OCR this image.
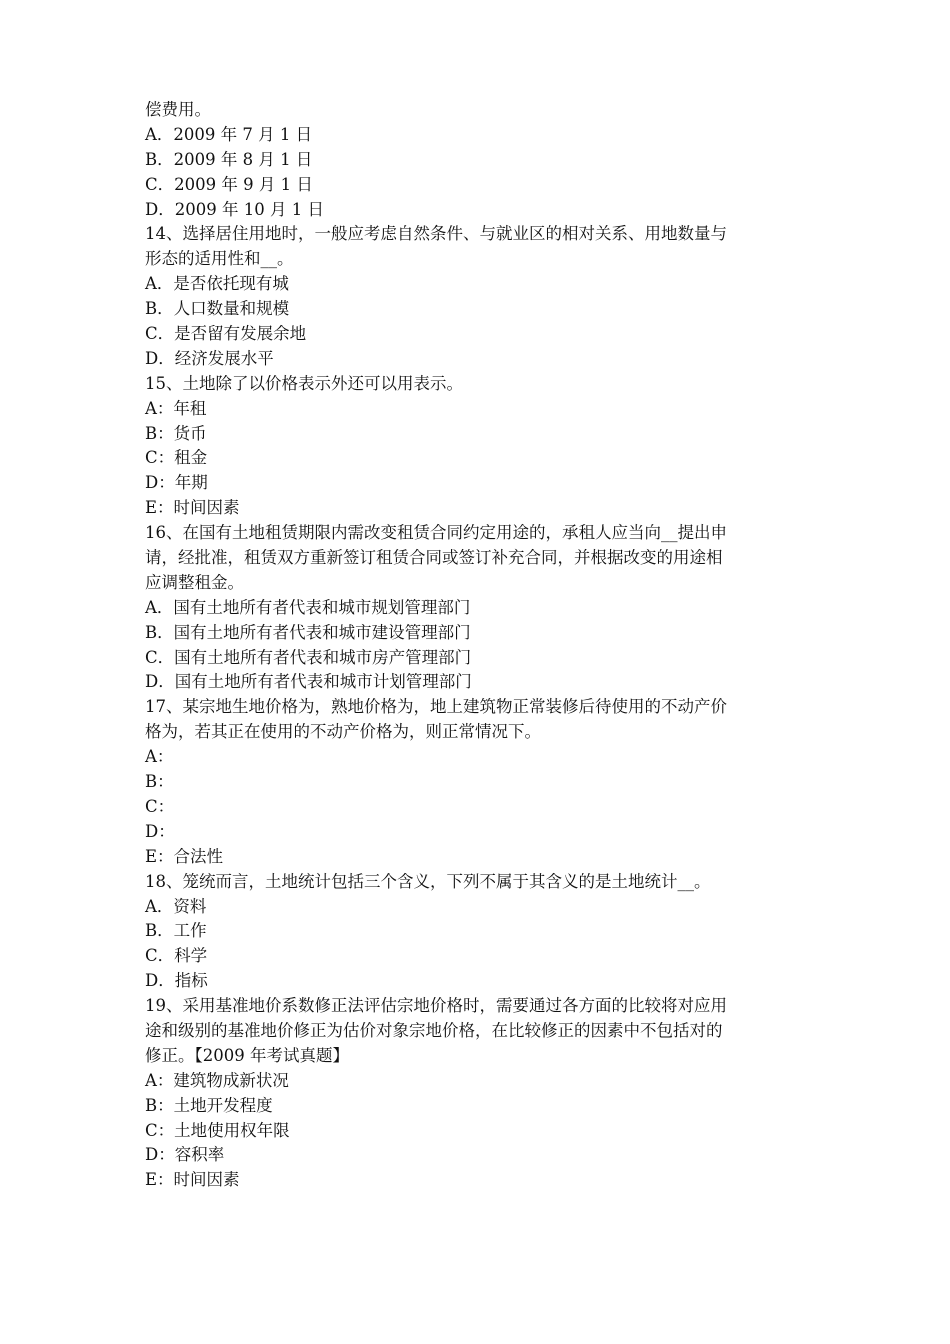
偿费用。
A．2009 年 7 月 1 日
B．2009 年 8 月 1 日
C．2009 年 9 月 1 日
D．2009 年 10 月 1 日
14、选择居住用地时，一般应考虑自然条件、与就业区的相对关系、用地数量与
形态的适用性和__。
A．是否依托现有城
B．人口数量和规模
C．是否留有发展余地
D．经济发展水平
15、土地除了以价格表示外还可以用表示。
A：年租
B：货币
C：租金
D：年期
E：时间因素
16、在国有土地租赁期限内需改变租赁合同约定用途的，承租人应当向__提出申
请，经批准，租赁双方重新签订租赁合同或签订补充合同，并根据改变的用途相
应调整租金。
A．国有土地所有者代表和城市规划管理部门
B．国有土地所有者代表和城市建设管理部门
C．国有土地所有者代表和城市房产管理部门
D．国有土地所有者代表和城市计划管理部门
17、某宗地生地价格为，熟地价格为，地上建筑物正常装修后待使用的不动产价
格为，若其正在使用的不动产价格为，则正常情况下。
A：
B：
C：
D：
E：合法性
18、笼统而言，土地统计包括三个含义，下列不属于其含义的是土地统计__。
A．资料
B．工作
C．科学
D．指标
19、采用基准地价系数修正法评估宗地价格时，需要通过各方面的比较将对应用
途和级别的基准地价修正为估价对象宗地价格，在比较修正的因素中不包括对的
修正。【2009 年考试真题】
A：建筑物成新状况
B：土地开发程度
C：土地使用权年限
D：容积率
E：时间因素
